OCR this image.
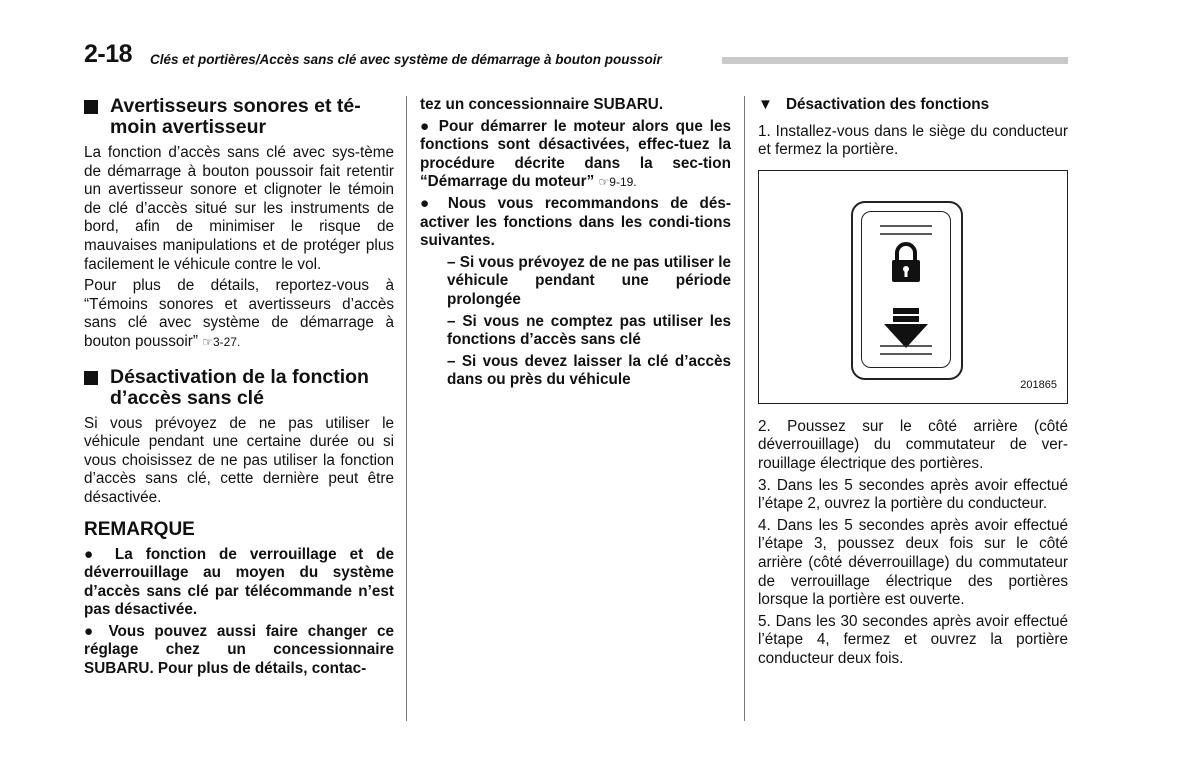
2-18 Clés et portières/Accès sans clé avec système de démarrage à bouton poussoir
Avertisseurs sonores et té-moin avertisseur

La fonction d’accès sans clé avec sys-tème de démarrage à bouton poussoir fait retentir un avertisseur sonore et clignoter le témoin de clé d’accès situé sur les instruments de bord, afin de minimiser le risque de mauvaises manipulations et de protéger plus facilement le véhicule contre le vol.

Pour plus de détails, reportez-vous à “Témoins sonores et avertisseurs d’accès sans clé avec système de démarrage à bouton poussoir” ☞3-27.

Désactivation de la fonction d’accès sans clé

Si vous prévoyez de ne pas utiliser le véhicule pendant une certaine durée ou si vous choisissez de ne pas utiliser la fonction d’accès sans clé, cette dernière peut être désactivée.

REMARQUE

● La fonction de verrouillage et de déverrouillage au moyen du système d’accès sans clé par télécommande n’est pas désactivée.

● Vous pouvez aussi faire changer ce réglage chez un concessionnaire SUBARU. Pour plus de détails, contac-

tez un concessionnaire SUBARU.

● Pour démarrer le moteur alors que les fonctions sont désactivées, effec-tuez la procédure décrite dans la sec-tion “Démarrage du moteur” ☞9-19.

● Nous vous recommandons de dés-activer les fonctions dans les condi-tions suivantes.

– Si vous prévoyez de ne pas utiliser le véhicule pendant une période prolongée

– Si vous ne comptez pas utiliser les fonctions d’accès sans clé

– Si vous devez laisser la clé d’accès dans ou près du véhicule

▼ Désactivation des fonctions

1. Installez-vous dans le siège du conducteur et fermez la portière.

201865

2. Poussez sur le côté arrière (côté déverrouillage) du commutateur de ver-rouillage électrique des portières.

3. Dans les 5 secondes après avoir effectué l’étape 2, ouvrez la portière du conducteur.

4. Dans les 5 secondes après avoir effectué l’étape 3, poussez deux fois sur le côté arrière (côté déverrouillage) du commutateur de verrouillage électrique des portières lorsque la portière est ouverte.

5. Dans les 30 secondes après avoir effectué l’étape 4, fermez et ouvrez la portière conducteur deux fois.
